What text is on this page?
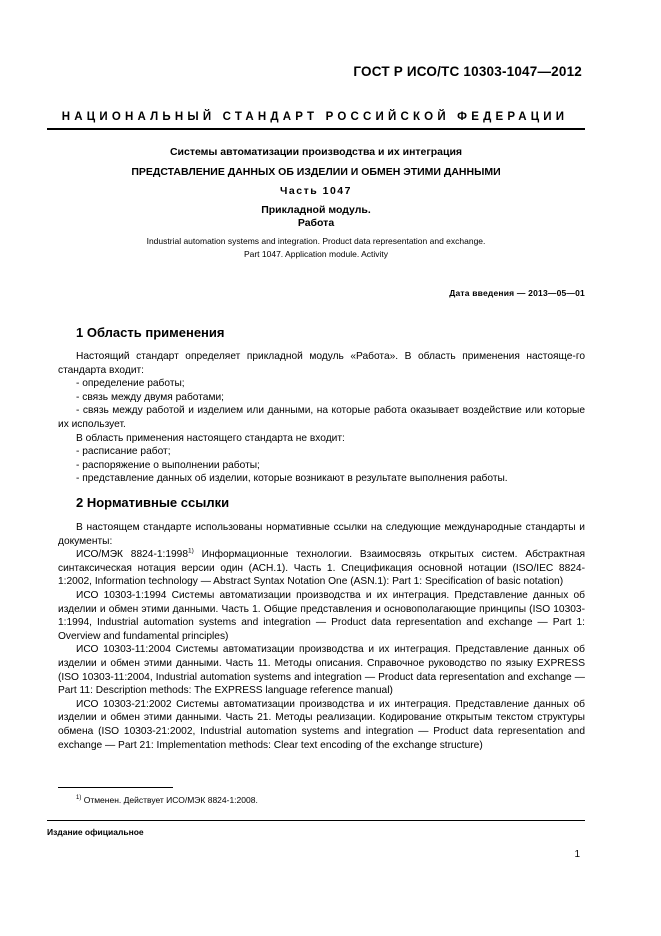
ГОСТ Р ИСО/ТС 10303-1047—2012
НАЦИОНАЛЬНЫЙ СТАНДАРТ РОССИЙСКОЙ ФЕДЕРАЦИИ
Системы автоматизации производства и их интеграция
ПРЕДСТАВЛЕНИЕ ДАННЫХ ОБ ИЗДЕЛИИ И ОБМЕН ЭТИМИ ДАННЫМИ
Часть 1047
Прикладной модуль.
Работа
Industrial automation systems and integration. Product data representation and exchange.
Part 1047. Application module. Activity
Дата введения — 2013—05—01
1 Область применения

Настоящий стандарт определяет прикладной модуль «Работа». В область применения настояще-го стандарта входит:

- определение работы;

- связь между двумя работами;

- связь между работой и изделием или данными, на которые работа оказывает воздействие или которые их использует.

В область применения настоящего стандарта не входит:

- расписание работ;

- распоряжение о выполнении работы;

- представление данных об изделии, которые возникают в результате выполнения работы.

2 Нормативные ссылки

В настоящем стандарте использованы нормативные ссылки на следующие международные стандарты и документы:

ИСО/МЭК 8824-1:1998$^{1)}$ Информационные технологии. Взаимосвязь открытых систем. Абстрактная синтаксическая нотация версии один (АСН.1). Часть 1. Спецификация основной нотации (ISO/IEC 8824-1:2002, Information technology — Abstract Syntax Notation One (ASN.1): Part 1: Specification of basic notation)

ИСО 10303-1:1994 Системы автоматизации производства и их интеграция. Представление данных об изделии и обмен этими данными. Часть 1. Общие представления и основополагающие принципы (ISO 10303-1:1994, Industrial automation systems and integration — Product data representation and exchange — Part 1: Overview and fundamental principles)

ИСО 10303-11:2004 Системы автоматизации производства и их интеграция. Представление данных об изделии и обмен этими данными. Часть 11. Методы описания. Справочное руководство по языку EXPRESS (ISO 10303-11:2004, Industrial automation systems and integration — Product data representation and exchange — Part 11: Description methods: The EXPRESS language reference manual)

ИСО 10303-21:2002 Системы автоматизации производства и их интеграция. Представление данных об изделии и обмен этими данными. Часть 21. Методы реализации. Кодирование открытым текстом структуры обмена (ISO 10303-21:2002, Industrial automation systems and integration — Product data representation and exchange — Part 21: Implementation methods: Clear text encoding of the exchange structure)

$^{1)}$ Отменен. Действует ИСО/МЭК 8824-1:2008.
Издание официальное
1
